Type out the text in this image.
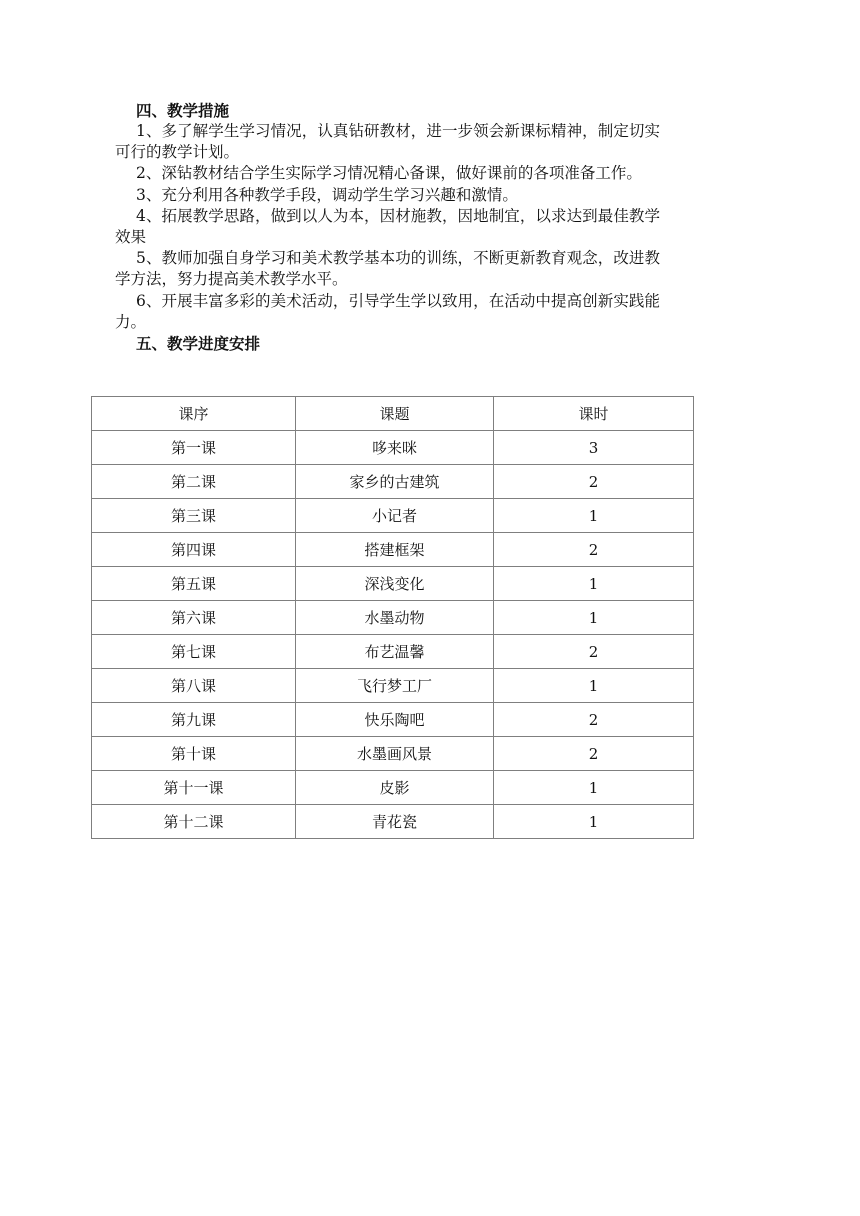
四、教学措施

1、多了解学生学习情况，认真钻研教材，进一步领会新课标精神，制定切实可行的教学计划。

2、深钻教材结合学生实际学习情况精心备课，做好课前的各项准备工作。

3、充分利用各种教学手段，调动学生学习兴趣和激情。

4、拓展教学思路，做到以人为本，因材施教，因地制宜，以求达到最佳教学效果

5、教师加强自身学习和美术教学基本功的训练，不断更新教育观念，改进教学方法，努力提高美术教学水平。

6、开展丰富多彩的美术活动，引导学生学以致用，在活动中提高创新实践能力。

五、教学进度安排

课序	课题	课时
第一课	哆来咪	3
第二课	家乡的古建筑	2
第三课	小记者	1
第四课	搭建框架	2
第五课	深浅变化	1
第六课	水墨动物	1
第七课	布艺温馨	2
第八课	飞行梦工厂	1
第九课	快乐陶吧	2
第十课	水墨画风景	2
第十一课	皮影	1
第十二课	青花瓷	1
